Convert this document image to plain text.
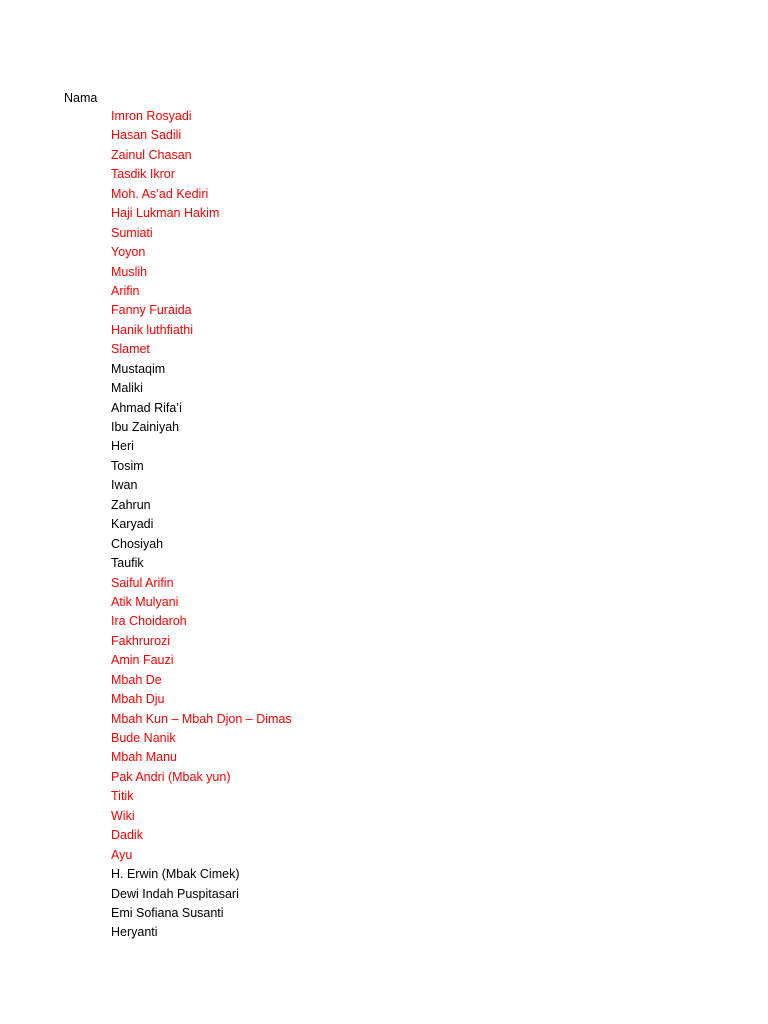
Nama

Imron Rosyadi
Hasan Sadili
Zainul Chasan
Tasdik Ikror
Moh. As’ad Kediri
Haji Lukman Hakim
Sumiati
Yoyon
Muslih
Arifin
Fanny Furaida
Hanik luthfiathi
Slamet
Mustaqim
Maliki
Ahmad Rifa’i
Ibu Zainiyah
Heri
Tosim
Iwan
Zahrun
Karyadi
Chosiyah
Taufik
Saiful Arifin
Atik Mulyani
Ira Choidaroh
Fakhrurozi
Amin Fauzi
Mbah De
Mbah Dju
Mbah Kun – Mbah Djon – Dimas
Bude Nanik
Mbah Manu
Pak Andri (Mbak yun)
Titik
Wiki
Dadik
Ayu
H. Erwin (Mbak Cimek)
Dewi Indah Puspitasari
Emi Sofiana Susanti
Heryanti
